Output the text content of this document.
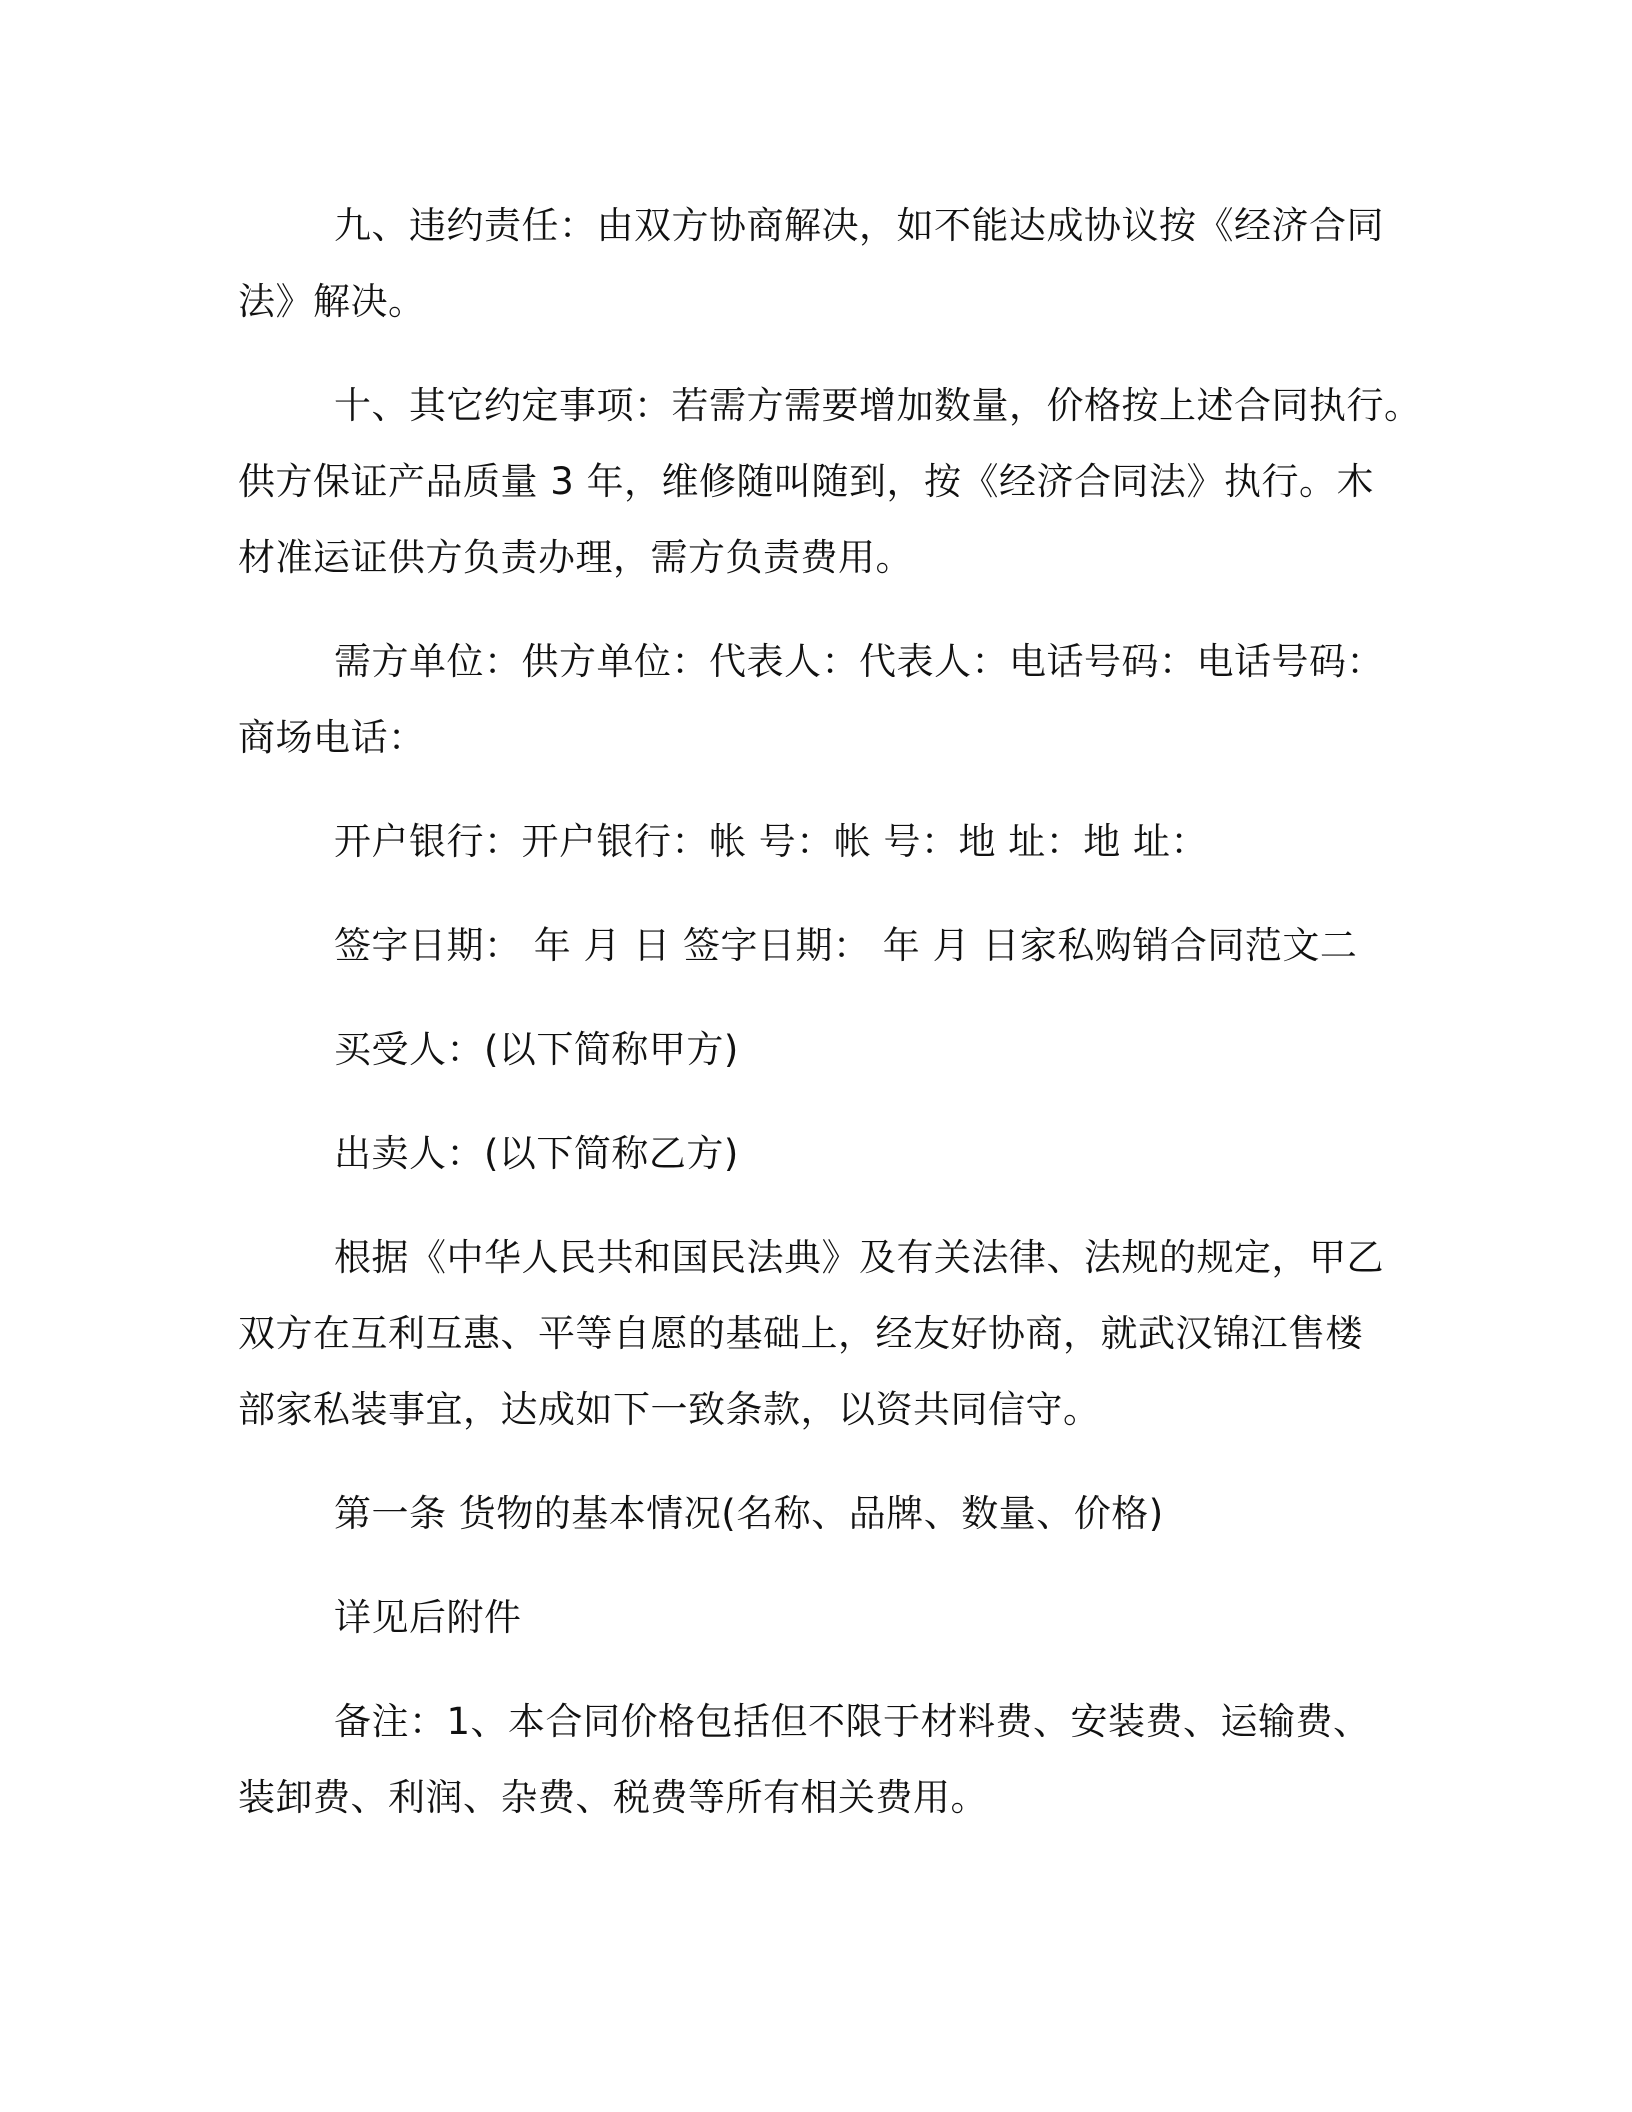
九、违约责任：由双方协商解决，如不能达成协议按《经济合同
法》解决。

十、其它约定事项：若需方需要增加数量，价格按上述合同执行。
供方保证产品质量 3 年，维修随叫随到，按《经济合同法》执行。木
材准运证供方负责办理，需方负责费用。

需方单位：供方单位：代表人：代表人：电话号码：电话号码：
商场电话：

开户银行：开户银行：帐 号：帐 号：地 址：地 址：

签字日期： 年 月 日 签字日期： 年 月 日家私购销合同范文二

买受人：(以下简称甲方)

出卖人：(以下简称乙方)

根据《中华人民共和国民法典》及有关法律、法规的规定，甲乙
双方在互利互惠、平等自愿的基础上，经友好协商，就武汉锦江售楼
部家私装事宜，达成如下一致条款，以资共同信守。

第一条 货物的基本情况(名称、品牌、数量、价格)

详见后附件

备注：1、本合同价格包括但不限于材料费、安装费、运输费、
装卸费、利润、杂费、税费等所有相关费用。
